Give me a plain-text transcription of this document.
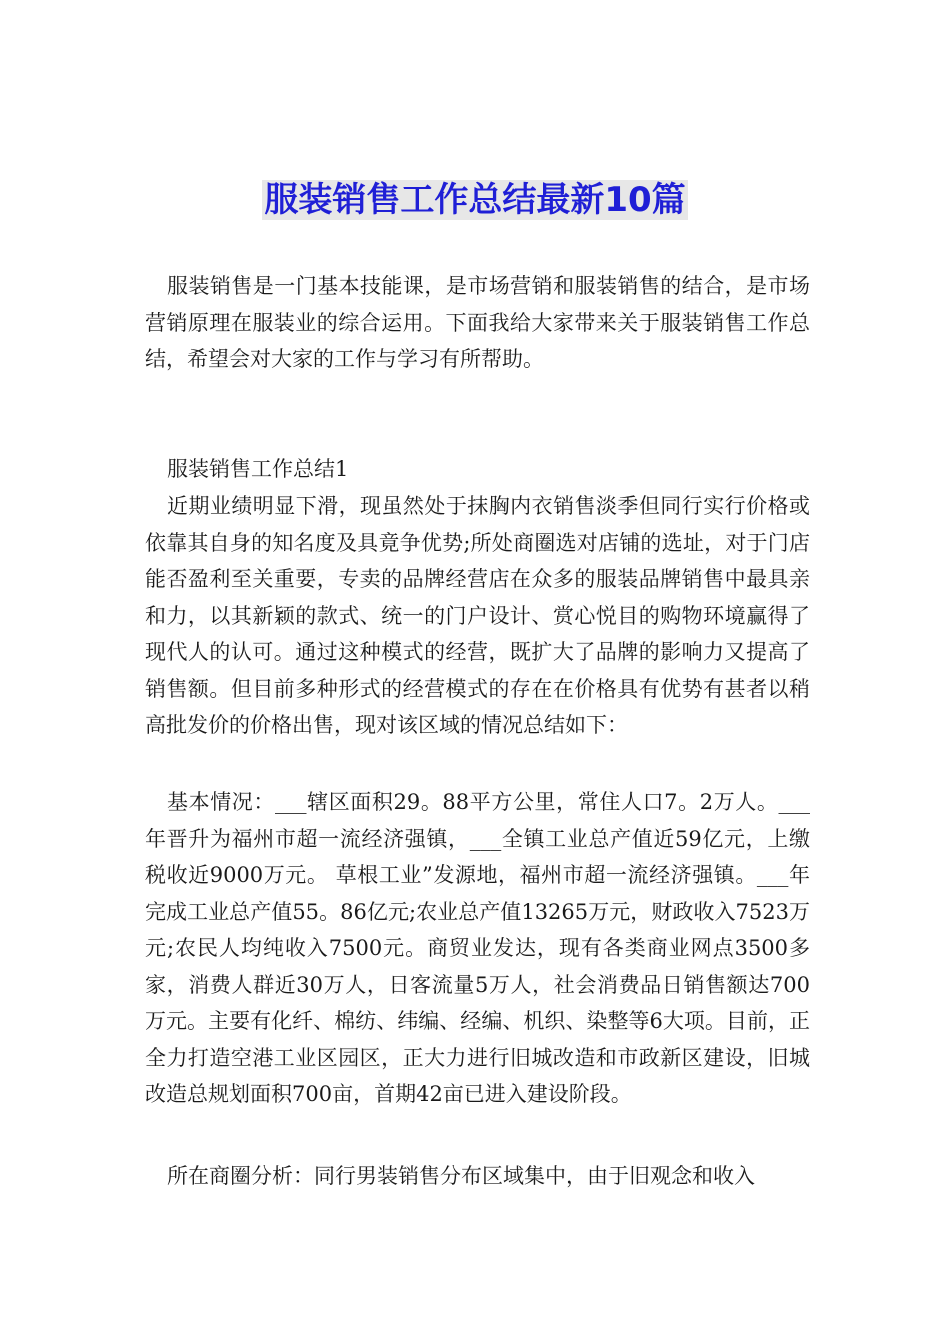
服装销售工作总结最新10篇

服装销售是一门基本技能课，是市场营销和服装销售的结合，是市场营销原理在服装业的综合运用。下面我给大家带来关于服装销售工作总结，希望会对大家的工作与学习有所帮助。

服装销售工作总结1

近期业绩明显下滑，现虽然处于抹胸内衣销售淡季但同行实行价格或依靠其自身的知名度及具竟争优势;所处商圈选对店铺的选址，对于门店能否盈利至关重要，专卖的品牌经营店在众多的服装品牌销售中最具亲和力，以其新颖的款式、统一的门户设计、赏心悦目的购物环境赢得了现代人的认可。通过这种模式的经营，既扩大了品牌的影响力又提高了销售额。但目前多种形式的经营模式的存在在价格具有优势有甚者以稍高批发价的价格出售，现对该区域的情况总结如下：

基本情况：___辖区面积29。88平方公里，常住人口7。2万人。___年晋升为福州市超一流经济强镇，___全镇工业总产值近59亿元，上缴税收近9000万元。 草根工业”发源地，福州市超一流经济强镇。___年完成工业总产值55。86亿元;农业总产值13265万元，财政收入7523万元;农民人均纯收入7500元。商贸业发达，现有各类商业网点3500多家，消费人群近30万人，日客流量5万人，社会消费品日销售额达700万元。主要有化纤、棉纺、纬编、经编、机织、染整等6大项。目前，正全力打造空港工业区园区，正大力进行旧城改造和市政新区建设，旧城改造总规划面积700亩，首期42亩已进入建设阶段。

所在商圈分析：同行男装销售分布区域集中，由于旧观念和收入
